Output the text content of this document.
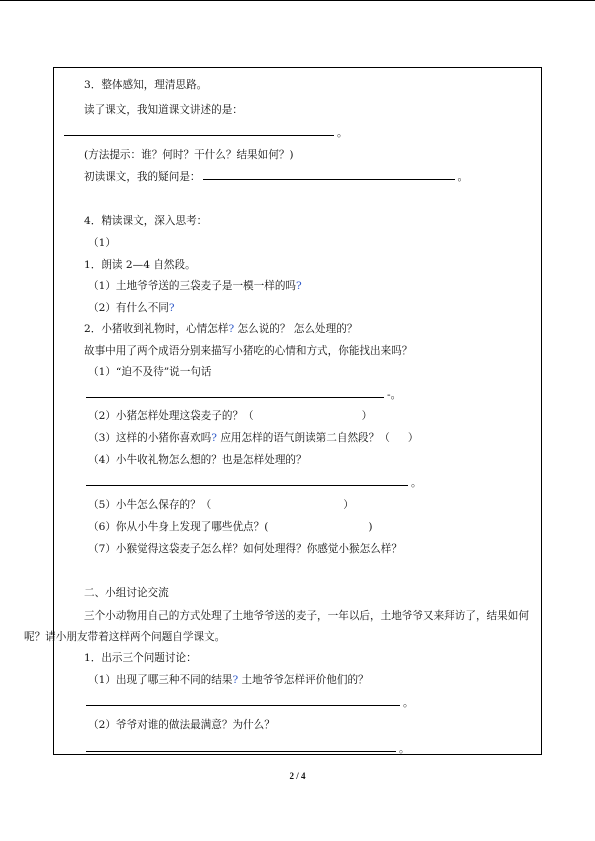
3．整体感知，理清思路。
读了课文，我知道课文讲述的是：
。
(方法提示：谁？何时？干什么？结果如何？)
初读课文，我的疑问是：	。
4．精读课文，深入思考：
（1）
1．朗读 2—4 自然段。
（1）土地爷爷送的三袋麦子是一模一样的吗?
（2）有什么不同?
2．小猪收到礼物时，心情怎样? 怎么说的？ 怎么处理的？
故事中用了两个成语分别来描写小猪吃的心情和方式，你能找出来吗？
（1）“迫不及待”说一句话
-。
（2）小猪怎样处理这袋麦子的？（	）
（3）这样的小猪你喜欢吗? 应用怎样的语气朗读第二自然段？（ ）
（4）小牛收礼物怎么想的？也是怎样处理的？
。
（5）小牛怎么保存的？（	）
（6）你从小牛身上发现了哪些优点？(	)
（7）小猴觉得这袋麦子怎么样？如何处理得？你感觉小猴怎么样？
二、小组讨论交流
三个小动物用自己的方式处理了土地爷爷送的麦子，一年以后，土地爷爷又来拜访了，结果如何呢？请小朋友带着这样两个问题自学课文。
1．出示三个问题讨论：
（1）出现了哪三种不同的结果? 土地爷爷怎样评价他们的？
。
（2）爷爷对谁的做法最满意？为什么？
。
2 / 4
